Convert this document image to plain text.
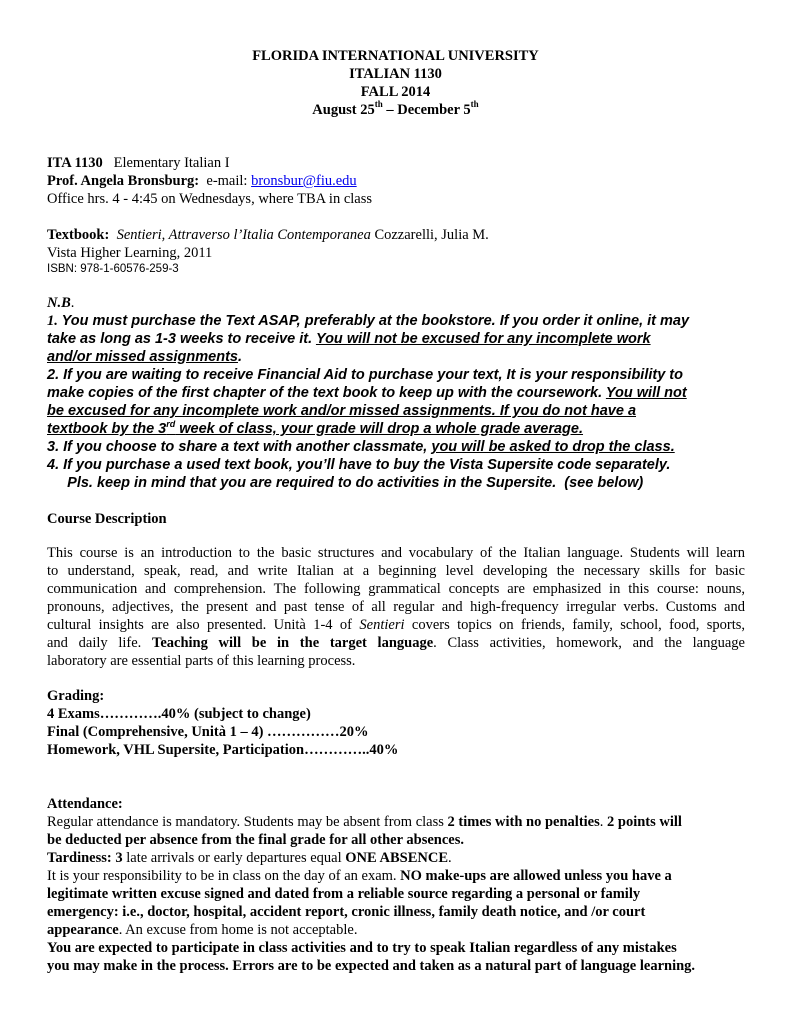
FLORIDA INTERNATIONAL UNIVERSITY
ITALIAN 1130
FALL 2014
August 25th – December 5th
ITA 1130 Elementary Italian I
Prof. Angela Bronsburg: e-mail: bronsbur@fiu.edu
Office hrs. 4 - 4:45 on Wednesdays, where TBA in class
Textbook: Sentieri, Attraverso l’Italia Contemporanea Cozzarelli, Julia M.
Vista Higher Learning, 2011
ISBN: 978-1-60576-259-3
N.B.
1. You must purchase the Text ASAP, preferably at the bookstore. If you order it online, it may
take as long as 1-3 weeks to receive it. You will not be excused for any incomplete work
and/or missed assignments.
2. If you are waiting to receive Financial Aid to purchase your text, It is your responsibility to
make copies of the first chapter of the text book to keep up with the coursework. You will not
be excused for any incomplete work and/or missed assignments. If you do not have a
textbook by the 3rd week of class, your grade will drop a whole grade average.
3. If you choose to share a text with another classmate, you will be asked to drop the class.
4. If you purchase a used text book, you’ll have to buy the Vista Supersite code separately.
Pls. keep in mind that you are required to do activities in the Supersite.  (see below)
Course Description
This course is an introduction to the basic structures and vocabulary of the Italian language. Students will learn
to understand, speak, read, and write Italian at a beginning level developing the necessary skills for basic
communication and comprehension. The following grammatical concepts are emphasized in this course: nouns,
pronouns, adjectives, the present and past tense of all regular and high-frequency irregular verbs. Customs and
cultural insights are also presented. Unità 1-4 of Sentieri covers topics on friends, family, school, food, sports,
and daily life. Teaching will be in the target language. Class activities, homework, and the language
laboratory are essential parts of this learning process.
Grading:
4 Exams………….40% (subject to change)
Final (Comprehensive, Unità 1 – 4) ……………20%
Homework, VHL Supersite, Participation…………..40%
Attendance:
Regular attendance is mandatory. Students may be absent from class 2 times with no penalties. 2 points will
be deducted per absence from the final grade for all other absences.
Tardiness: 3 late arrivals or early departures equal ONE ABSENCE.
It is your responsibility to be in class on the day of an exam. NO make-ups are allowed unless you have a
legitimate written excuse signed and dated from a reliable source regarding a personal or family
emergency: i.e., doctor, hospital, accident report, cronic illness, family death notice, and /or court
appearance. An excuse from home is not acceptable.
You are expected to participate in class activities and to try to speak Italian regardless of any mistakes
you may make in the process. Errors are to be expected and taken as a natural part of language learning.
